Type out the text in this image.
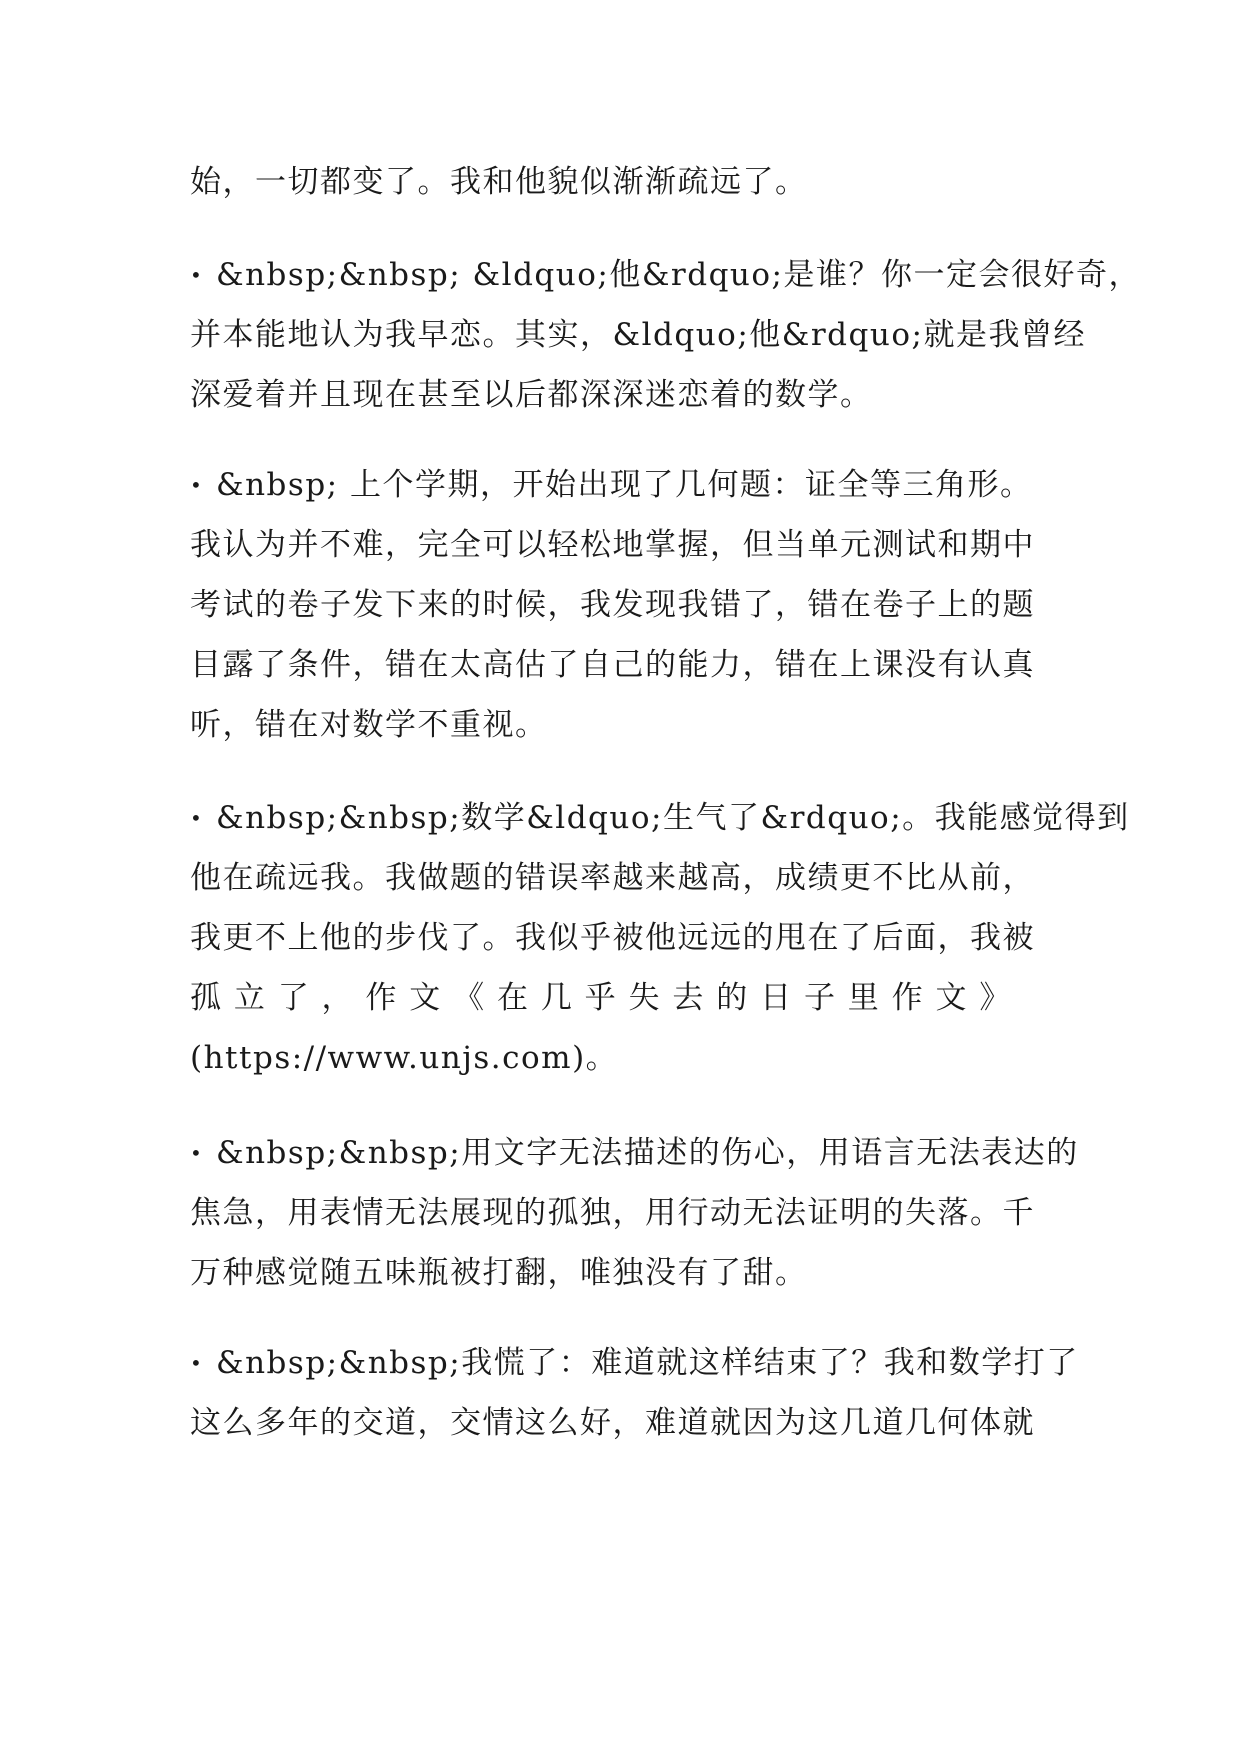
始，一切都变了。我和他貌似渐渐疏远了。
• &nbsp;&nbsp; &ldquo;他&rdquo;是谁？你一定会很好奇，
并本能地认为我早恋。其实，&ldquo;他&rdquo;就是我曾经
深爱着并且现在甚至以后都深深迷恋着的数学。
• &nbsp; 上个学期，开始出现了几何题：证全等三角形。
我认为并不难，完全可以轻松地掌握，但当单元测试和期中
考试的卷子发下来的时候，我发现我错了，错在卷子上的题
目露了条件，错在太高估了自己的能力，错在上课没有认真
听，错在对数学不重视。
• &nbsp;&nbsp;数学&ldquo;生气了&rdquo;。我能感觉得到
他在疏远我。我做题的错误率越来越高，成绩更不比从前，
我更不上他的步伐了。我似乎被他远远的甩在了后面，我被
孤 立 了 ， 作 文 《 在 几 乎 失 去 的 日 子 里 作 文 》
(https://www.unjs.com)。
• &nbsp;&nbsp;用文字无法描述的伤心，用语言无法表达的
焦急，用表情无法展现的孤独，用行动无法证明的失落。千
万种感觉随五味瓶被打翻，唯独没有了甜。
• &nbsp;&nbsp;我慌了：难道就这样结束了？我和数学打了
这么多年的交道，交情这么好，难道就因为这几道几何体就
